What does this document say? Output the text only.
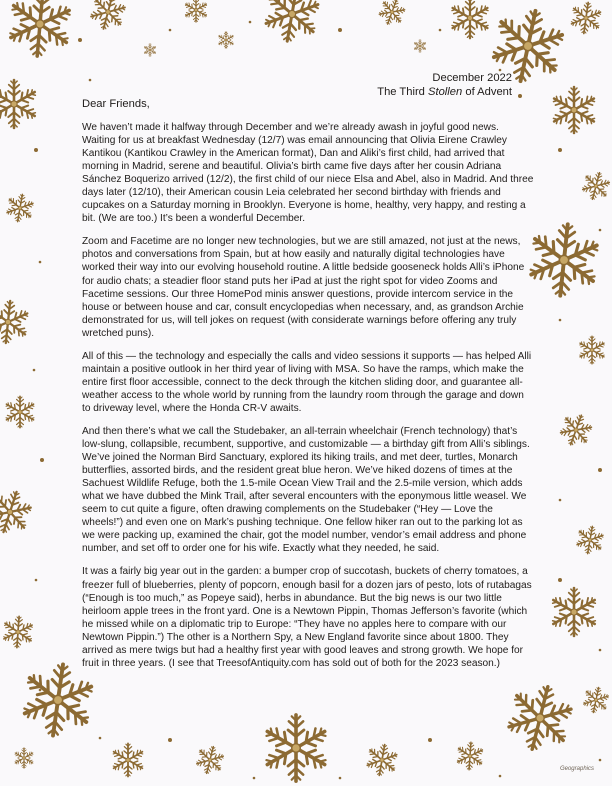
December 2022
The Third Stollen of Advent
Dear Friends,

We haven’t made it halfway through December and we’re already awash in joyful good news. Waiting for us at breakfast Wednesday (12/7) was email announcing that Olivia Eirene Crawley Kantikou (Kantikou Crawley in the American format), Dan and Aliki’s first child, had arrived that morning in Madrid, serene and beautiful. Olivia’s birth came five days after her cousin Adriana Sánchez Boquerizo arrived (12/2), the first child of our niece Elsa and Abel, also in Madrid. And three days later (12/10), their American cousin Leia celebrated her second birthday with friends and cupcakes on a Saturday morning in Brooklyn. Everyone is home, healthy, very happy, and resting a bit. (We are too.) It’s been a wonderful December.

Zoom and Facetime are no longer new technologies, but we are still amazed, not just at the news, photos and conversations from Spain, but at how easily and naturally digital technologies have worked their way into our evolving household routine. A little bedside gooseneck holds Alli’s iPhone for audio chats; a steadier floor stand puts her iPad at just the right spot for video Zooms and Facetime sessions. Our three HomePod minis answer questions, provide intercom service in the house or between house and car, consult encyclopedias when necessary, and, as grandson Archie demonstrated for us, will tell jokes on request (with considerate warnings before offering any truly wretched puns).

All of this — the technology and especially the calls and video sessions it supports — has helped Alli maintain a positive outlook in her third year of living with MSA. So have the ramps, which make the entire first floor accessible, connect to the deck through the kitchen sliding door, and guarantee all-weather access to the whole world by running from the laundry room through the garage and down to driveway level, where the Honda CR-V awaits.

And then there’s what we call the Studebaker, an all-terrain wheelchair (French technology) that’s low-slung, collapsible, recumbent, supportive, and customizable — a birthday gift from Alli’s siblings. We’ve joined the Norman Bird Sanctuary, explored its hiking trails, and met deer, turtles, Monarch butterflies, assorted birds, and the resident great blue heron. We’ve hiked dozens of times at the Sachuest Wildlife Refuge, both the 1.5-mile Ocean View Trail and the 2.5-mile version, which adds what we have dubbed the Mink Trail, after several encounters with the eponymous little weasel. We seem to cut quite a figure, often drawing complements on the Studebaker (“Hey — Love the wheels!”) and even one on Mark’s pushing technique. One fellow hiker ran out to the parking lot as we were packing up, examined the chair, got the model number, vendor’s email address and phone number, and set off to order one for his wife. Exactly what they needed, he said.

It was a fairly big year out in the garden: a bumper crop of succotash, buckets of cherry tomatoes, a freezer full of blueberries, plenty of popcorn, enough basil for a dozen jars of pesto, lots of rutabagas (“Enough is too much,” as Popeye said), herbs in abundance. But the big news is our two little heirloom apple trees in the front yard. One is a Newtown Pippin, Thomas Jefferson’s favorite (which he missed while on a diplomatic trip to Europe: “They have no apples here to compare with our Newtown Pippin.”) The other is a Northern Spy, a New England favorite since about 1800. They arrived as mere twigs but had a healthy first year with good leaves and strong growth. We hope for fruit in three years. (I see that TreesofAntiquity.com has sold out of both for the 2023 season.)

Geographics
